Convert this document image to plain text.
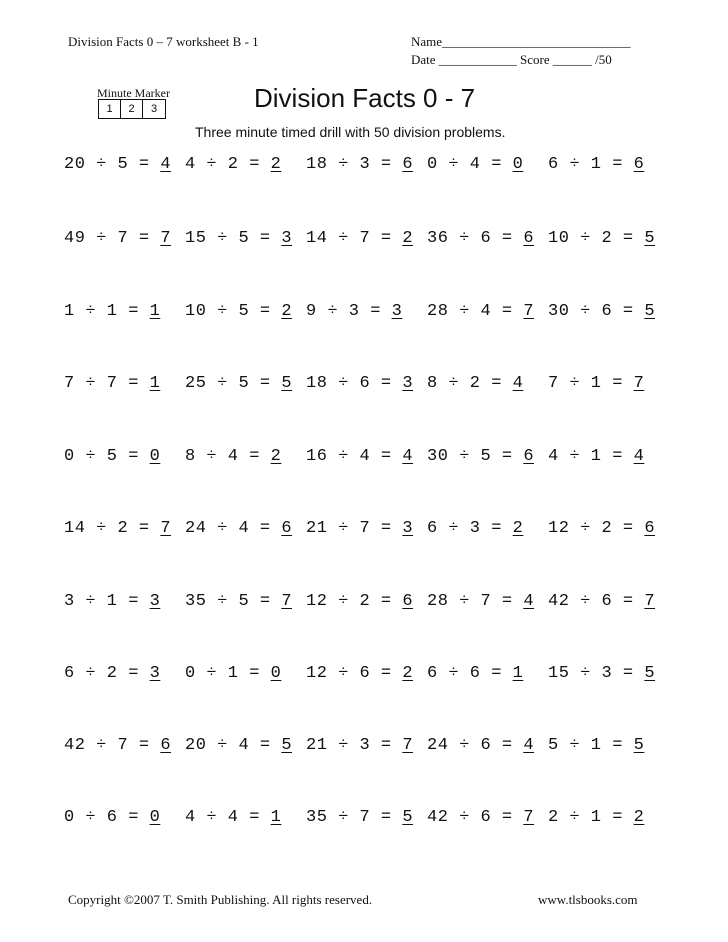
Division Facts 0 – 7 worksheet B - 1	Name_____________________________
Date ____________ Score ______ /50
Minute Marker
1	2	3	Division Facts 0 - 7
Three minute timed drill with 50 division problems.
20 ÷ 5 = 4 4 ÷ 2 = 2 18 ÷ 3 = 6 0 ÷ 4 = 0 6 ÷ 1 = 6
49 ÷ 7 = 7 15 ÷ 5 = 3 14 ÷ 7 = 2 36 ÷ 6 = 6 10 ÷ 2 = 5
1 ÷ 1 = 1 10 ÷ 5 = 2 9 ÷ 3 = 3 28 ÷ 4 = 7 30 ÷ 6 = 5
7 ÷ 7 = 1 25 ÷ 5 = 5 18 ÷ 6 = 3 8 ÷ 2 = 4 7 ÷ 1 = 7
0 ÷ 5 = 0 8 ÷ 4 = 2 16 ÷ 4 = 4 30 ÷ 5 = 6 4 ÷ 1 = 4
14 ÷ 2 = 7 24 ÷ 4 = 6 21 ÷ 7 = 3 6 ÷ 3 = 2 12 ÷ 2 = 6
3 ÷ 1 = 3 35 ÷ 5 = 7 12 ÷ 2 = 6 28 ÷ 7 = 4 42 ÷ 6 = 7
6 ÷ 2 = 3 0 ÷ 1 = 0 12 ÷ 6 = 2 6 ÷ 6 = 1 15 ÷ 3 = 5
42 ÷ 7 = 6 20 ÷ 4 = 5 21 ÷ 3 = 7 24 ÷ 6 = 4 5 ÷ 1 = 5
0 ÷ 6 = 0 4 ÷ 4 = 1 35 ÷ 7 = 5 42 ÷ 6 = 7 2 ÷ 1 = 2
Copyright ©2007 T. Smith Publishing. All rights reserved.	www.tlsbooks.com
